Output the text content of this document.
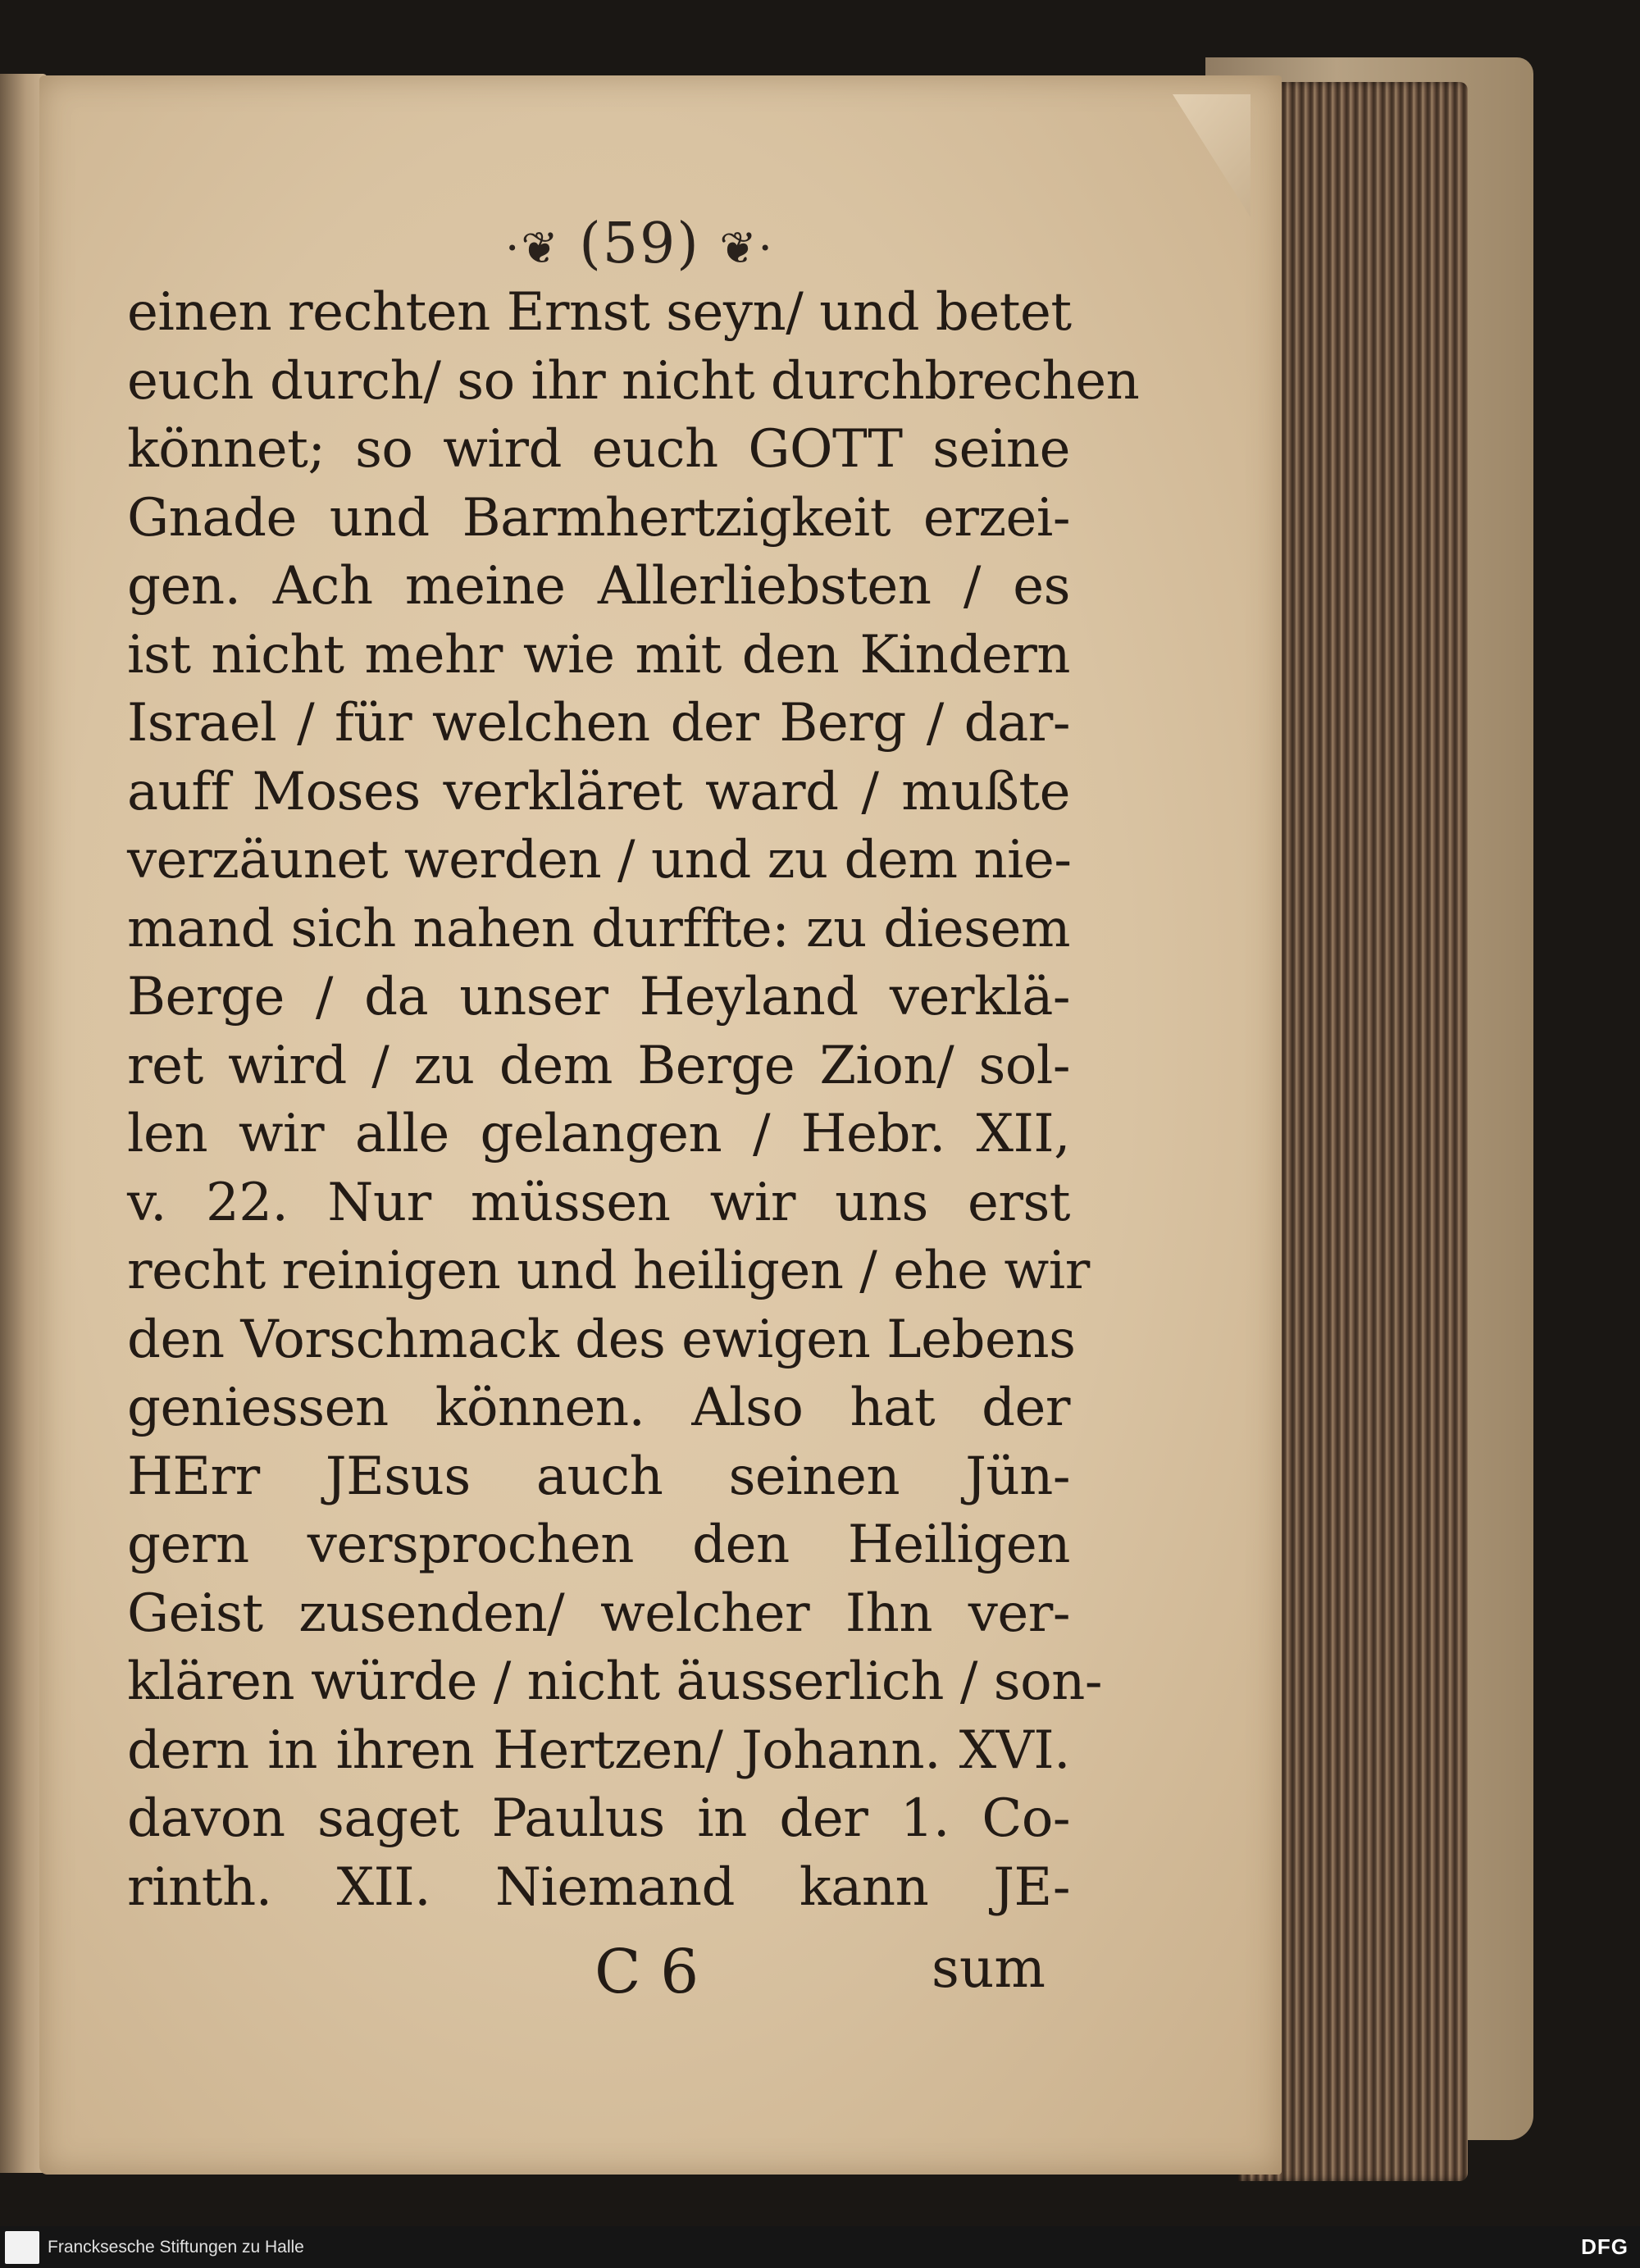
·❦ (59) ❦·
einen rechten Ernst seyn/ und betet
euch durch/ so ihr nicht durchbrechen
könnet; so wird euch GOTT seine
Gnade und Barmhertzigkeit erzei-
gen. Ach meine Allerliebsten / es
ist nicht mehr wie mit den Kindern
Israel / für welchen der Berg / dar-
auff Moses verkläret ward / mußte
verzäunet werden / und zu dem nie-
mand sich nahen durffte: zu diesem
Berge / da unser Heyland verklä-
ret wird / zu dem Berge Zion/ sol-
len wir alle gelangen / Hebr. XII,
v. 22. Nur müssen wir uns erst
recht reinigen und heiligen / ehe wir
den Vorschmack des ewigen Lebens
geniessen können. Also hat der
HErr JEsus auch seinen Jün-
gern versprochen den Heiligen
Geist zusenden/ welcher Ihn ver-
klären würde / nicht äusserlich / son-
dern in ihren Hertzen/ Johann. XVI.
davon saget Paulus in der 1. Co-
rinth. XII. Niemand kann JE-
C 6	sum
Francksesche Stiftungen zu Halle	DFG
